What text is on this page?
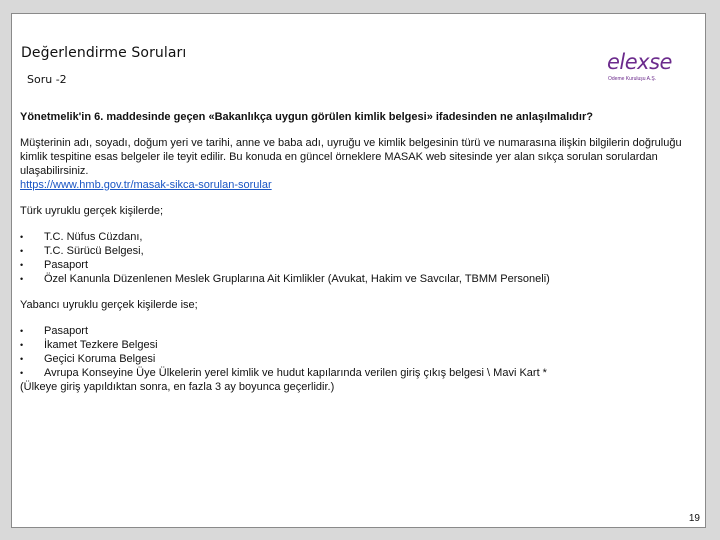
Değerlendirme Soruları
Soru -2
elexse
Ödeme Kuruluşu A.Ş.

Yönetmelik'in 6. maddesinde geçen «Bakanlıkça uygun görülen kimlik belgesi» ifadesinden ne anlaşılmalıdır?

Müşterinin adı, soyadı, doğum yeri ve tarihi, anne ve baba adı, uyruğu ve kimlik belgesinin türü ve numarasına ilişkin bilgilerin doğruluğu kimlik tespitine esas belgeler ile teyit edilir. Bu konuda en güncel örneklere MASAK web sitesinde yer alan sıkça sorulan sorulardan ulaşabilirsiniz.

https://www.hmb.gov.tr/masak-sikca-sorulan-sorular

Türk uyruklu gerçek kişilerde;

• T.C. Nüfus Cüzdanı,
• T.C. Sürücü Belgesi,
• Pasaport
• Özel Kanunla Düzenlenen Meslek Gruplarına Ait Kimlikler (Avukat, Hakim ve Savcılar, TBMM Personeli)

Yabancı uyruklu gerçek kişilerde ise;

• Pasaport
• İkamet Tezkere Belgesi
• Geçici Koruma Belgesi
• Avrupa Konseyine Üye Ülkelerin yerel kimlik ve hudut kapılarında verilen giriş çıkış belgesi \ Mavi Kart *

(Ülkeye giriş yapıldıktan sonra, en fazla 3 ay boyunca geçerlidir.)

19
